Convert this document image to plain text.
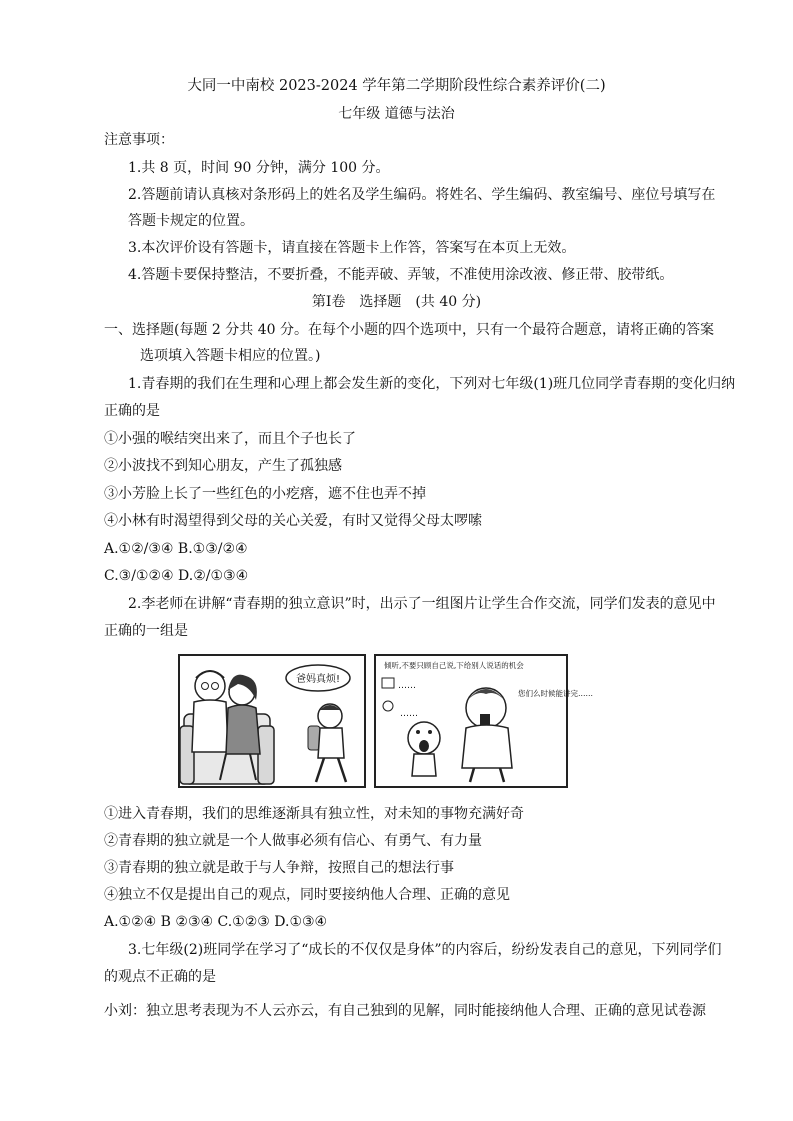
大同一中南校 2023-2024 学年第二学期阶段性综合素养评价(二)
七年级 道德与法治
注意事项：
1.共 8 页，时间 90 分钟，满分 100 分。
2.答题前请认真核对条形码上的姓名及学生编码。将姓名、学生编码、教室编号、座位号填写在
答题卡规定的位置。
3.本次评价设有答题卡，请直接在答题卡上作答，答案写在本页上无效。
4.答题卡要保持整洁，不要折叠，不能弄破、弄皱，不准使用涂改液、修正带、胶带纸。
第Ⅰ卷　选择题　(共 40 分)
一、选择题(每题 2 分共 40 分。在每个小题的四个选项中，只有一个最符合题意，请将正确的答案
选项填入答题卡相应的位置。)
1.青春期的我们在生理和心理上都会发生新的变化，下列对七年级(1)班几位同学青春期的变化归纳
正确的是
①小强的喉结突出来了，而且个子也长了
②小波找不到知心朋友，产生了孤独感
③小芳脸上长了一些红色的小疙瘩，遮不住也弄不掉
④小林有时渴望得到父母的关心关爱，有时又觉得父母太啰嗦
A.①②/③④ B.①③/②④
C.③/①②④ D.②/①③④
2.李老师在讲解“青春期的独立意识”时，出示了一组图片让学生合作交流，同学们发表的意见中
正确的一组是
爸妈真烦!
倾听,不要只顾自己说,下给别人说话的机会
……
……
您们么时候能讲完……
①进入青春期，我们的思维逐渐具有独立性，对未知的事物充满好奇
②青春期的独立就是一个人做事必须有信心、有勇气、有力量
③青春期的独立就是敢于与人争辩，按照自己的想法行事
④独立不仅是提出自己的观点，同时要接纳他人合理、正确的意见
A.①②④ B ②③④ C.①②③ D.①③④
3.七年级(2)班同学在学习了“成长的不仅仅是身体”的内容后，纷纷发表自己的意见，下列同学们
的观点不正确的是
小刘：独立思考表现为不人云亦云，有自己独到的见解，同时能接纳他人合理、正确的意见试卷源
